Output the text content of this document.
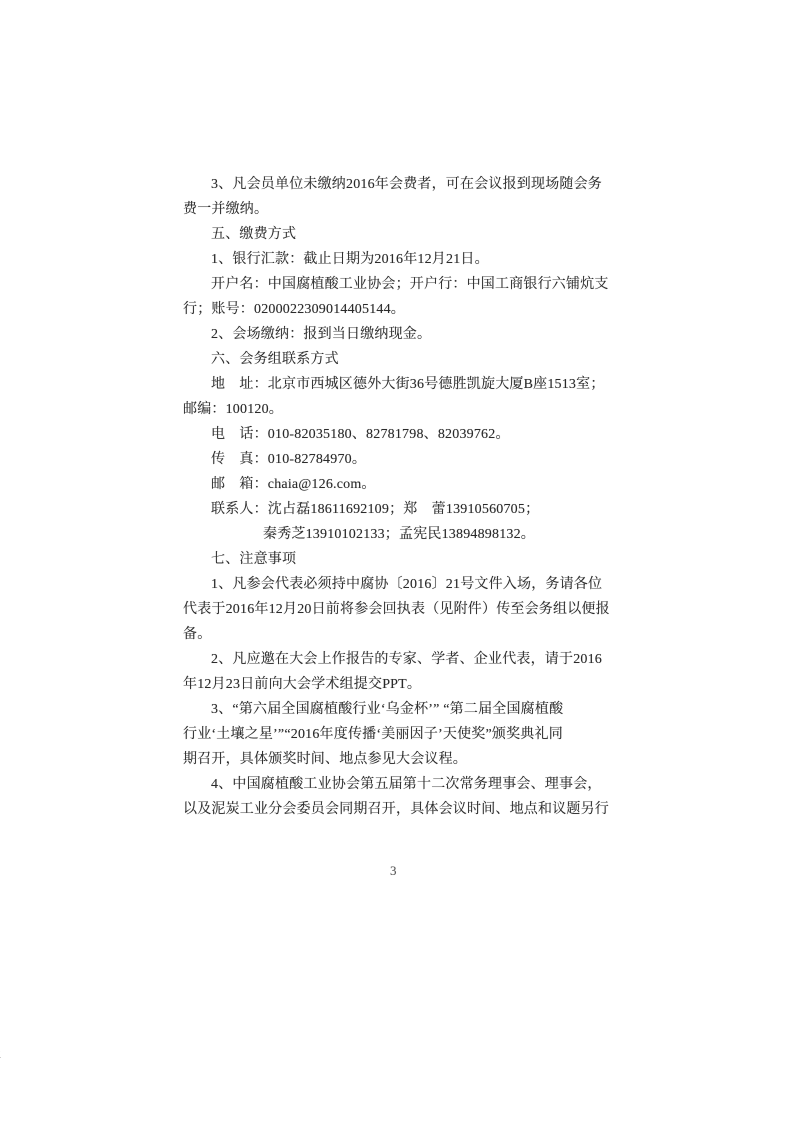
3、凡会员单位未缴纳2016年会费者，可在会议报到现场随会务
费一并缴纳。
五、缴费方式
1、银行汇款：截止日期为2016年12月21日。
开户名：中国腐植酸工业协会；开户行：中国工商银行六铺炕支
行；账号：0200022309014405144。
2、会场缴纳：报到当日缴纳现金。
六、会务组联系方式
地　址：北京市西城区德外大街36号德胜凯旋大厦B座1513室；
邮编：100120。
电　话：010-82035180、82781798、82039762。
传　真：010-82784970。
邮　箱：chaia@126.com。
联系人：沈占磊18611692109；郑　蕾13910560705；
秦秀芝13910102133；孟宪民13894898132。
七、注意事项
1、凡参会代表必须持中腐协〔2016〕21号文件入场，务请各位
代表于2016年12月20日前将参会回执表（见附件）传至会务组以便报
备。
2、凡应邀在大会上作报告的专家、学者、企业代表，请于2016
年12月23日前向大会学术组提交PPT。
3、“第六届全国腐植酸行业‘乌金杯’” “第二届全国腐植酸
行业‘土壤之星’”“2016年度传播‘美丽因子’天使奖”颁奖典礼同
期召开，具体颁奖时间、地点参见大会议程。
4、中国腐植酸工业协会第五届第十二次常务理事会、理事会，
以及泥炭工业分会委员会同期召开，具体会议时间、地点和议题另行
3
